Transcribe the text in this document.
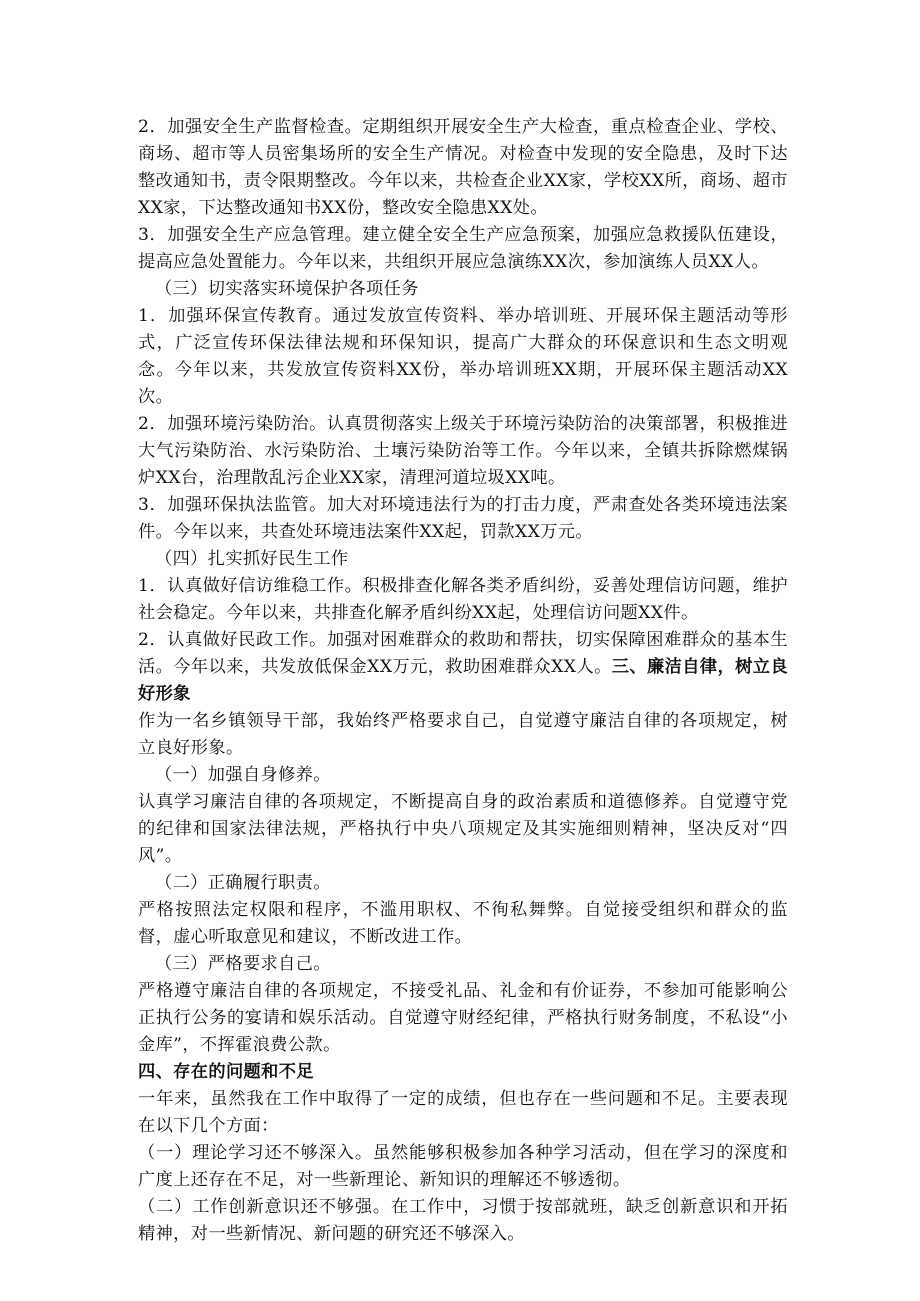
2．加强安全生产监督检查。定期组织开展安全生产大检查，重点检查企业、学校、商场、超市等人员密集场所的安全生产情况。对检查中发现的安全隐患，及时下达整改通知书，责令限期整改。今年以来，共检查企业XX家，学校XX所，商场、超市XX家，下达整改通知书XX份，整改安全隐患XX处。

3．加强安全生产应急管理。建立健全安全生产应急预案，加强应急救援队伍建设，提高应急处置能力。今年以来，共组织开展应急演练XX次，参加演练人员XX人。

（三）切实落实环境保护各项任务

1．加强环保宣传教育。通过发放宣传资料、举办培训班、开展环保主题活动等形式，广泛宣传环保法律法规和环保知识，提高广大群众的环保意识和生态文明观念。今年以来，共发放宣传资料XX份，举办培训班XX期，开展环保主题活动XX次。

2．加强环境污染防治。认真贯彻落实上级关于环境污染防治的决策部署，积极推进大气污染防治、水污染防治、土壤污染防治等工作。今年以来，全镇共拆除燃煤锅炉XX台，治理散乱污企业XX家，清理河道垃圾XX吨。

3．加强环保执法监管。加大对环境违法行为的打击力度，严肃查处各类环境违法案件。今年以来，共查处环境违法案件XX起，罚款XX万元。

（四）扎实抓好民生工作

1．认真做好信访维稳工作。积极排查化解各类矛盾纠纷，妥善处理信访问题，维护社会稳定。今年以来，共排查化解矛盾纠纷XX起，处理信访问题XX件。

2．认真做好民政工作。加强对困难群众的救助和帮扶，切实保障困难群众的基本生活。今年以来，共发放低保金XX万元，救助困难群众XX人。三、廉洁自律，树立良好形象

作为一名乡镇领导干部，我始终严格要求自己，自觉遵守廉洁自律的各项规定，树立良好形象。

（一）加强自身修养。

认真学习廉洁自律的各项规定，不断提高自身的政治素质和道德修养。自觉遵守党的纪律和国家法律法规，严格执行中央八项规定及其实施细则精神，坚决反对“四风”。

（二）正确履行职责。

严格按照法定权限和程序，不滥用职权、不徇私舞弊。自觉接受组织和群众的监督，虚心听取意见和建议，不断改进工作。

（三）严格要求自己。

严格遵守廉洁自律的各项规定，不接受礼品、礼金和有价证券，不参加可能影响公正执行公务的宴请和娱乐活动。自觉遵守财经纪律，严格执行财务制度，不私设“小金库”，不挥霍浪费公款。

四、存在的问题和不足

一年来，虽然我在工作中取得了一定的成绩，但也存在一些问题和不足。主要表现在以下几个方面：

（一）理论学习还不够深入。虽然能够积极参加各种学习活动，但在学习的深度和广度上还存在不足，对一些新理论、新知识的理解还不够透彻。

（二）工作创新意识还不够强。在工作中，习惯于按部就班，缺乏创新意识和开拓精神，对一些新情况、新问题的研究还不够深入。
